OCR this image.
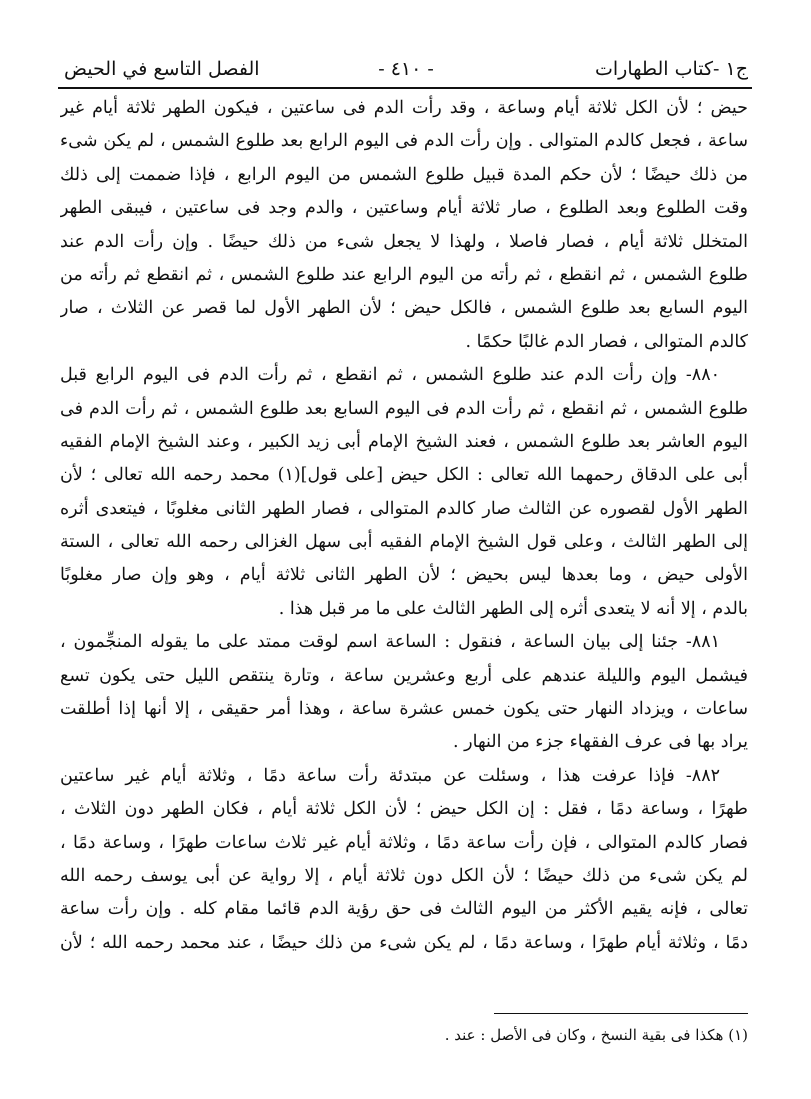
ج١ -كتاب الطهارات
- ٤١٠ -
الفصل التاسع في الحيض
حيض ؛ لأن الكل ثلاثة أيام وساعة ، وقد رأت الدم فى ساعتين ، فيكون الطهر ثلاثة أيام غير
ساعة ، فجعل كالدم المتوالى . وإن رأت الدم فى اليوم الرابع بعد طلوع الشمس ، لم يكن شىء
من ذلك حيضًا ؛ لأن حكم المدة قبيل طلوع الشمس من اليوم الرابع ، فإذا ضممت إلى ذلك
وقت الطلوع وبعد الطلوع ، صار ثلاثة أيام وساعتين ، والدم وجد فى ساعتين ، فيبقى الطهر
المتخلل ثلاثة أيام ، فصار فاصلا ، ولهذا لا يجعل شىء من ذلك حيضًا . وإن رأت الدم عند
طلوع الشمس ، ثم انقطع ، ثم رأته من اليوم الرابع عند طلوع الشمس ، ثم انقطع ثم رأته من
اليوم السابع بعد طلوع الشمس ، فالكل حيض ؛ لأن الطهر الأول لما قصر عن الثلاث ، صار
كالدم المتوالى ، فصار الدم غالبًا حكمًا .
٨٨٠- وإن رأت الدم عند طلوع الشمس ، ثم انقطع ، ثم رأت الدم فى اليوم الرابع قبل
طلوع الشمس ، ثم انقطع ، ثم رأت الدم فى اليوم السابع بعد طلوع الشمس ، ثم رأت الدم فى
اليوم العاشر بعد طلوع الشمس ، فعند الشيخ الإمام أبى زيد الكبير ، وعند الشيخ الإمام الفقيه
أبى على الدقاق رحمهما الله تعالى : الكل حيض [على قول](١) محمد رحمه الله تعالى ؛ لأن
الطهر الأول لقصوره عن الثالث صار كالدم المتوالى ، فصار الطهر الثانى مغلوبًا ، فيتعدى أثره
إلى الطهر الثالث ، وعلى قول الشيخ الإمام الفقيه أبى سهل الغزالى رحمه الله تعالى ، الستة
الأولى حيض ، وما بعدها ليس بحيض ؛ لأن الطهر الثانى ثلاثة أيام ، وهو وإن صار مغلوبًا
بالدم ، إلا أنه لا يتعدى أثره إلى الطهر الثالث على ما مر قبل هذا .
٨٨١- جئنا إلى بيان الساعة ، فنقول : الساعة اسم لوقت ممتد على ما يقوله المنجِّمون ،
فيشمل اليوم والليلة عندهم على أربع وعشرين ساعة ، وتارة ينتقص الليل حتى يكون تسع
ساعات ، ويزداد النهار حتى يكون خمس عشرة ساعة ، وهذا أمر حقيقى ، إلا أنها إذا أطلقت
يراد بها فى عرف الفقهاء جزء من النهار .
٨٨٢- فإذا عرفت هذا ، وسئلت عن مبتدئة رأت ساعة دمًا ، وثلاثة أيام غير ساعتين
طهرًا ، وساعة دمًا ، فقل : إن الكل حيض ؛ لأن الكل ثلاثة أيام ، فكان الطهر دون الثلاث ،
فصار كالدم المتوالى ، فإن رأت ساعة دمًا ، وثلاثة أيام غير ثلاث ساعات طهرًا ، وساعة دمًا ،
لم يكن شىء من ذلك حيضًا ؛ لأن الكل دون ثلاثة أيام ، إلا رواية عن أبى يوسف رحمه الله
تعالى ، فإنه يقيم الأكثر من اليوم الثالث فى حق رؤية الدم قائما مقام كله . وإن رأت ساعة
دمًا ، وثلاثة أيام طهرًا ، وساعة دمًا ، لم يكن شىء من ذلك حيضًا ، عند محمد رحمه الله ؛ لأن
(١) هكذا فى بقية النسخ ، وكان فى الأصل : عند .
